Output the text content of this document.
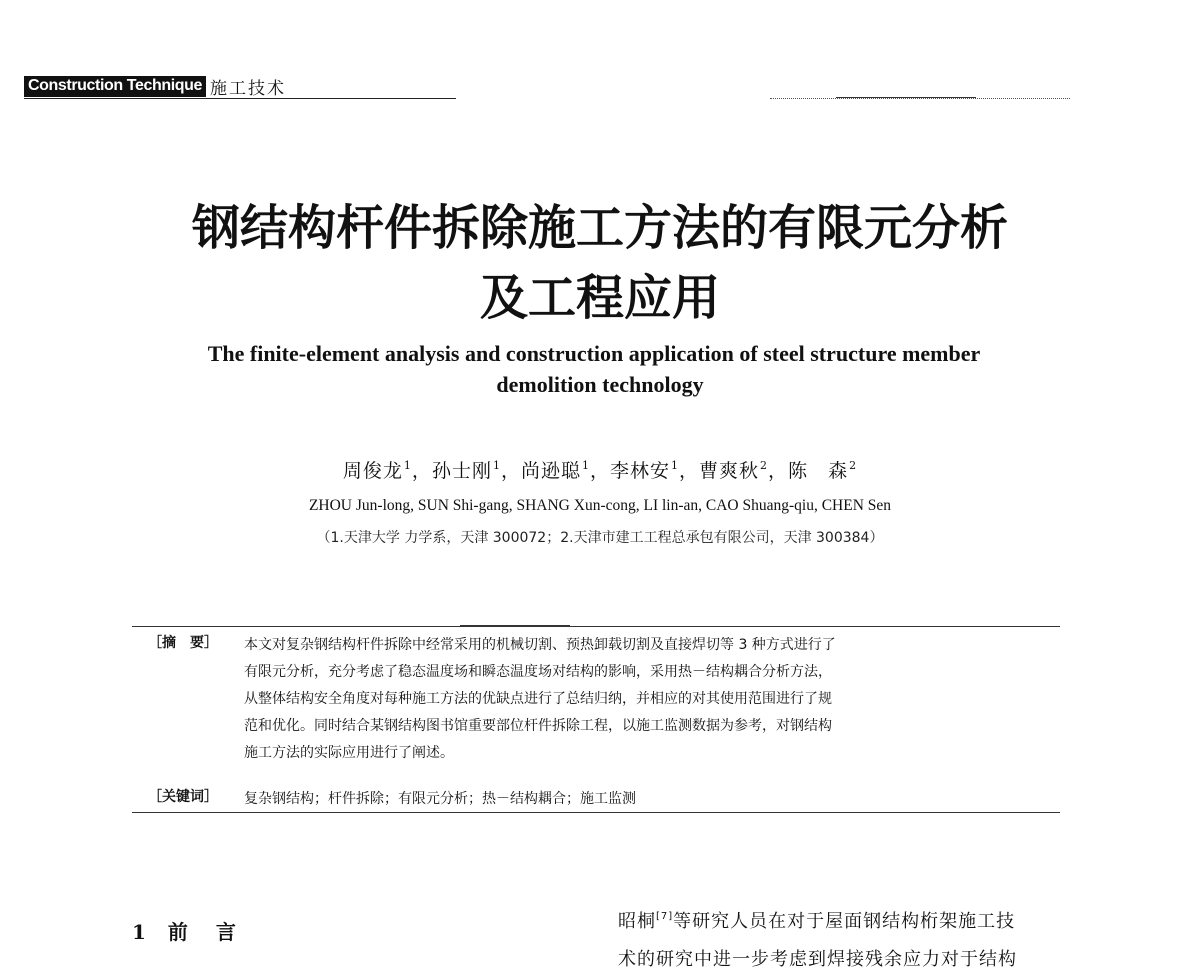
Construction Technique 施工技术
钢结构杆件拆除施工方法的有限元分析
及工程应用
The finite-element analysis and construction application of steel structure member
demolition technology
周俊龙$^1$，孙士刚$^1$，尚逊聪$^1$，李林安$^1$，曹爽秋$^2$，陈　森$^2$
ZHOU Jun-long, SUN Shi-gang, SHANG Xun-cong, LI lin-an, CAO Shuang-qiu, CHEN Sen
（1.天津大学 力学系，天津 300072；2.天津市建工工程总承包有限公司，天津 300384）
［摘　要］	本文对复杂钢结构杆件拆除中经常采用的机械切割、预热卸载切割及直接焊切等 3 种方式进行了
有限元分析，充分考虑了稳态温度场和瞬态温度场对结构的影响，采用热－结构耦合分析方法，
从整体结构安全角度对每种施工方法的优缺点进行了总结归纳，并相应的对其使用范围进行了规
范和优化。同时结合某钢结构图书馆重要部位杆件拆除工程，以施工监测数据为参考，对钢结构
施工方法的实际应用进行了阐述。
［关键词］	复杂钢结构；杆件拆除；有限元分析；热－结构耦合；施工监测
1 前　言	昭桐[7]等研究人员在对于屋面钢结构桁架施工技
术的研究中进一步考虑到焊接残余应力对于结构
